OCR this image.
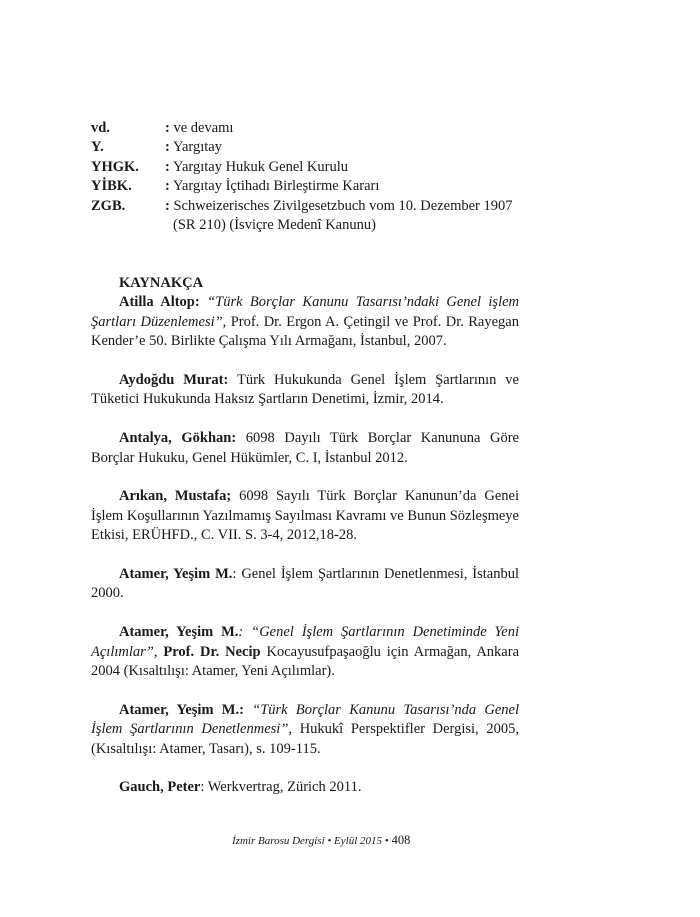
vd.	: ve devamı
Y.	: Yargıtay
YHGK.	: Yargıtay Hukuk Genel Kurulu
YİBK.	: Yargıtay İçtihadı Birleştirme Kararı
ZGB.	: Schweizerisches Zivilgesetzbuch vom 10. Dezember 1907
(SR 210) (İsviçre Medenî Kanunu)
KAYNAKÇA

Atilla Altop: “Türk Borçlar Kanunu Tasarısı’ndaki Genel işlem Şartları Düzenlemesi”, Prof. Dr. Ergon A. Çetingil ve Prof. Dr. Rayegan Kender’e 50. Birlikte Çalışma Yılı Armağanı, İstanbul, 2007.

Aydoğdu Murat: Türk Hukukunda Genel İşlem Şartlarının ve Tüketici Hukukunda Haksız Şartların Denetimi, İzmir, 2014.

Antalya, Gökhan: 6098 Dayılı Türk Borçlar Kanununa Göre Borçlar Hukuku, Genel Hükümler, C. I, İstanbul 2012.

Arıkan, Mustafa; 6098 Sayılı Türk Borçlar Kanunun’da Genei İşlem Koşullarının Yazılmamış Sayılması Kavramı ve Bunun Sözleşmeye Etkisi, ERÜHFD., C. VII. S. 3-4, 2012,18-28.

Atamer, Yeşim M.: Genel İşlem Şartlarının Denetlenmesi, İstanbul 2000.

Atamer, Yeşim M.: “Genel İşlem Şartlarının Denetiminde Yeni Açılımlar”, Prof. Dr. Necip Kocayusufpaşaoğlu için Armağan, Ankara 2004 (Kısaltılışı: Atamer, Yeni Açılımlar).

Atamer, Yeşim M.: “Türk Borçlar Kanunu Tasarısı’nda Genel İşlem Şartlarının Denetlenmesi”, Hukukî Perspektifler Dergisi, 2005, (Kısaltılışı: Atamer, Tasarı), s. 109-115.

Gauch, Peter: Werkvertrag, Zürich 2011.

İzmir Barosu Dergisi • Eylül 2015 • 408
